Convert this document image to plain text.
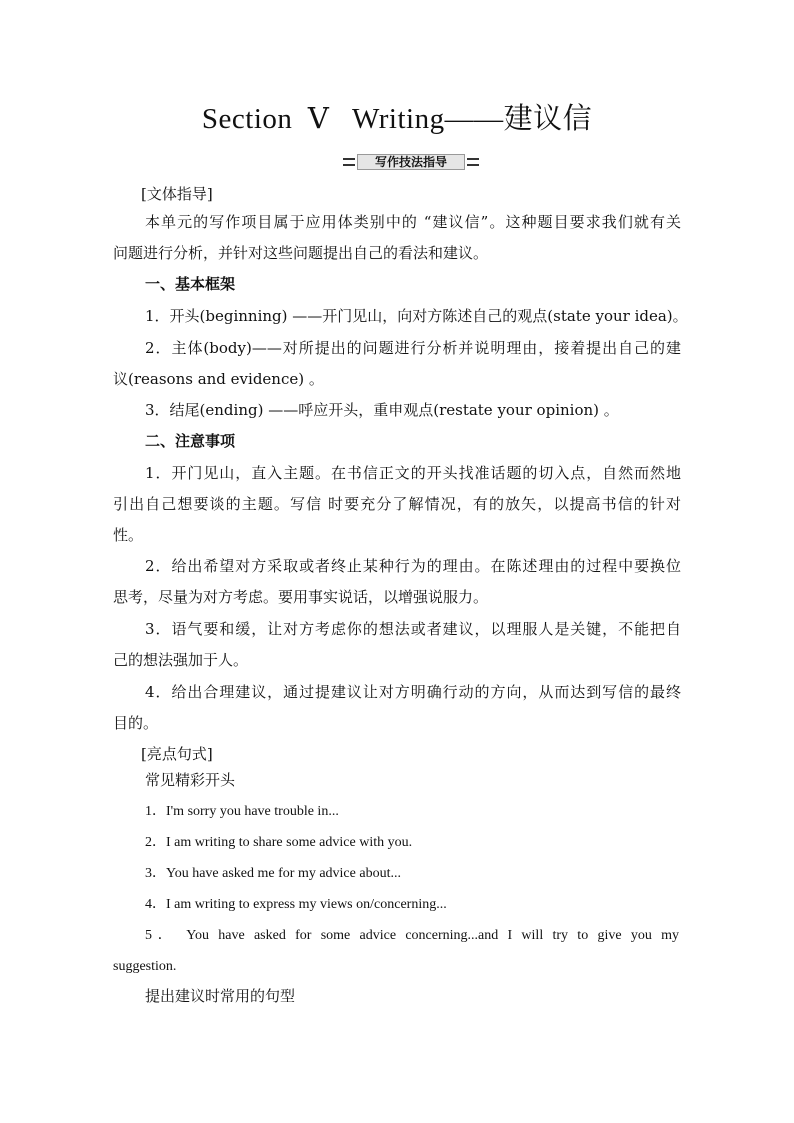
Section  Ⅴ   Writing——建议信
写作技法指导
[文体指导]
本单元的写作项目属于应用体类别中的 “建议信”。这种题目要求我们就有关
问题进行分析，并针对这些问题提出自己的看法和建议。
一、基本框架
1．开头(beginning) ——开门见山，向对方陈述自己的观点(state your idea)。
2．主体(body)——对所提出的问题进行分析并说明理由，接着提出自己的建
议(reasons and evidence) 。
3．结尾(ending) ——呼应开头，重申观点(restate your opinion) 。
二、注意事项
1．开门见山，直入主题。在书信正文的开头找准话题的切入点，自然而然地
引出自己想要谈的主题。写信 时要充分了解情况，有的放矢，以提高书信的针对
性。
2．给出希望对方采取或者终止某种行为的理由。在陈述理由的过程中要换位
思考，尽量为对方考虑。要用事实说话，以增强说服力。
3．语气要和缓，让对方考虑你的想法或者建议，以理服人是关键，不能把自
己的想法强加于人。
4．给出合理建议，通过提建议让对方明确行动的方向，从而达到写信的最终
目的。
[亮点句式]
常见精彩开头
1．I'm sorry you have trouble in...
2．I am writing to share some advice with you.
3．You have asked me for my advice about...
4．I am writing to express my views on/concerning...
5． You have asked for some advice concerning...and I will try to give you my
suggestion.
提出建议时常用的句型
